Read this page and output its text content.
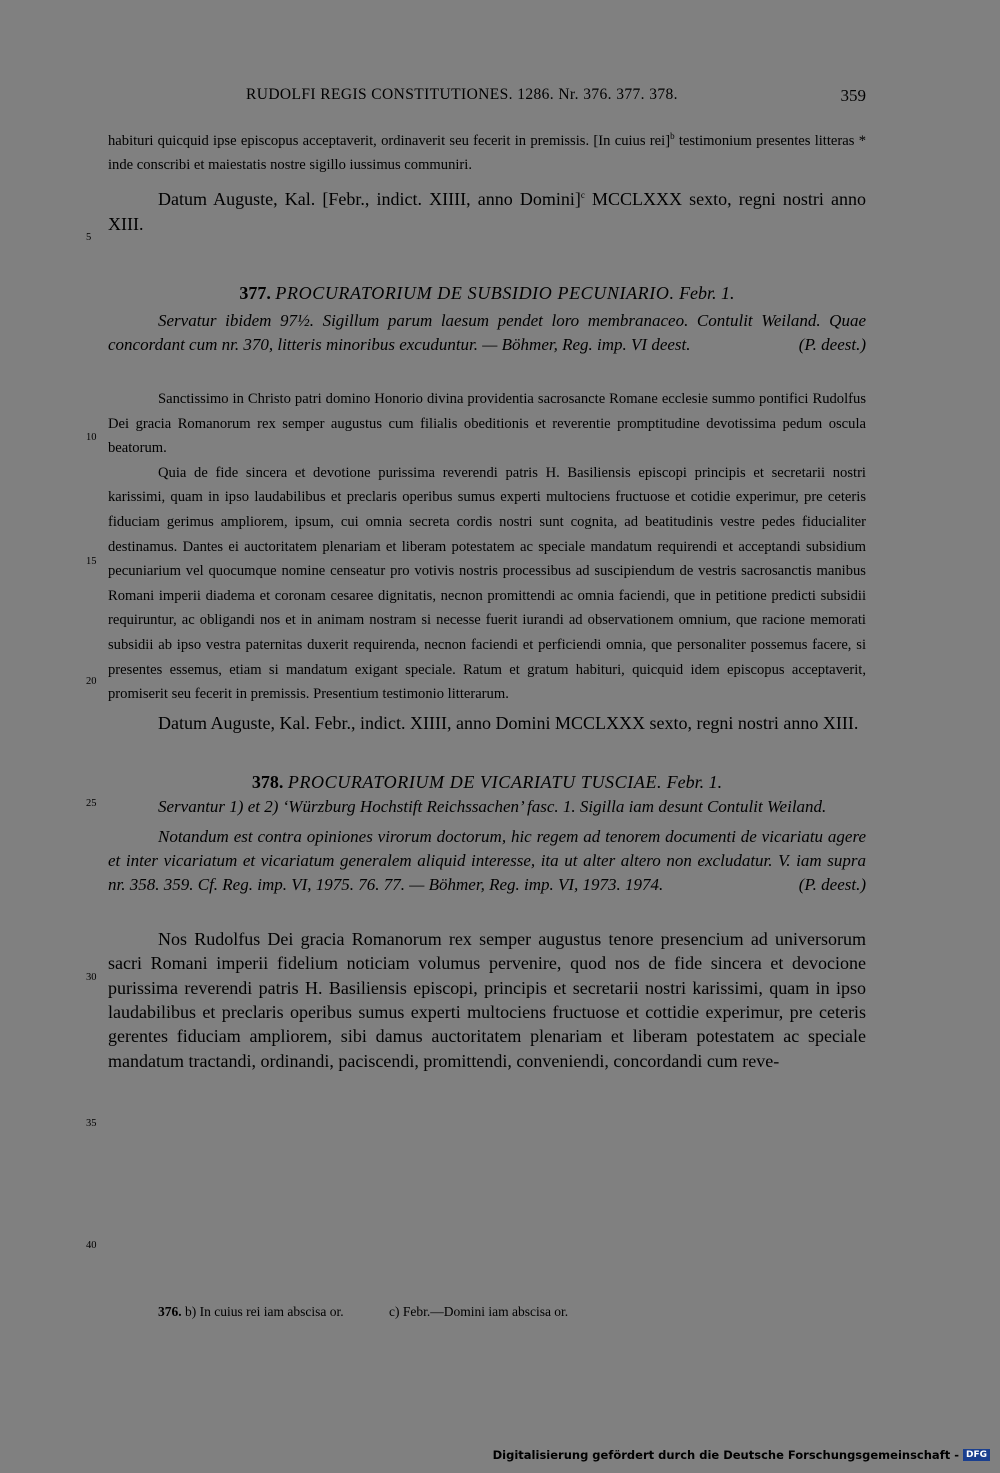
RUDOLFI REGIS CONSTITUTIONES. 1286. Nr. 376. 377. 378.	359
5
10
15
20
25
30
35
40

habituri quicquid ipse episcopus acceptaverit, ordinaverit seu fecerit in premissis. [In cuius rei]$^b$ testimonium presentes litteras * inde conscribi et maiestatis nostre sigillo iussimus communiri.

Datum Auguste, Kal. [Febr., indict. XIIII, anno Domini]$^c$ MCCLXXX sexto, regni nostri anno XIII.

377. PROCURATORIUM DE SUBSIDIO PECUNIARIO. Febr. 1.

Servatur ibidem 97½. Sigillum parum laesum pendet loro membranaceo. Contulit Weiland. Quae concordant cum nr. 370, litteris minoribus excuduntur. — Böhmer, Reg. imp. VI deest.	(P. deest.)

Sanctissimo in Christo patri domino Honorio divina providentia sacrosancte Romane ecclesie summo pontifici Rudolfus Dei gracia Romanorum rex semper augustus cum filialis obeditionis et reverentie promptitudine devotissima pedum oscula beatorum.

Quia de fide sincera et devotione purissima reverendi patris H. Basiliensis episcopi principis et secretarii nostri karissimi, quam in ipso laudabilibus et preclaris operibus sumus experti multociens fructuose et cotidie experimur, pre ceteris fiduciam gerimus ampliorem, ipsum, cui omnia secreta cordis nostri sunt cognita, ad beatitudinis vestre pedes fiducialiter destinamus. Dantes ei auctoritatem plenariam et liberam potestatem ac speciale mandatum requirendi et acceptandi subsidium pecuniarium vel quocumque nomine censeatur pro votivis nostris processibus ad suscipiendum de vestris sacrosanctis manibus Romani imperii diadema et coronam cesaree dignitatis, necnon promittendi ac omnia faciendi, que in petitione predicti subsidii requiruntur, ac obligandi nos et in animam nostram si necesse fuerit iurandi ad observationem omnium, que racione memorati subsidii ab ipso vestra paternitas duxerit requirenda, necnon faciendi et perficiendi omnia, que personaliter possemus facere, si presentes essemus, etiam si mandatum exigant speciale. Ratum et gratum habituri, quicquid idem episcopus acceptaverit, promiserit seu fecerit in premissis. Presentium testimonio litterarum.

Datum Auguste, Kal. Febr., indict. XIIII, anno Domini MCCLXXX sexto, regni nostri anno XIII.

378. PROCURATORIUM DE VICARIATU TUSCIAE. Febr. 1.

Servantur 1) et 2) ‘Würzburg Hochstift Reichssachen’ fasc. 1. Sigilla iam desunt Contulit Weiland.

Notandum est contra opiniones virorum doctorum, hic regem ad tenorem documenti de vicariatu agere et inter vicariatum et vicariatum generalem aliquid interesse, ita ut alter altero non excludatur. V. iam supra nr. 358. 359. Cf. Reg. imp. VI, 1975. 76. 77. — Böhmer, Reg. imp. VI, 1973. 1974.	(P. deest.)

Nos Rudolfus Dei gracia Romanorum rex semper augustus tenore presencium ad universorum sacri Romani imperii fidelium noticiam volumus pervenire, quod nos de fide sincera et devocione purissima reverendi patris H. Basiliensis episcopi, principis et secretarii nostri karissimi, quam in ipso laudabilibus et preclaris operibus sumus experti multociens fructuose et cottidie experimur, pre ceteris gerentes fiduciam ampliorem, sibi damus auctoritatem plenariam et liberam potestatem ac speciale mandatum tractandi, ordinandi, paciscendi, promittendi, conveniendi, concordandi cum reve-

376. b) In cuius rei iam abscisa or.	c) Febr.—Domini iam abscisa or.
Digitalisierung gefördert durch die Deutsche Forschungsgemeinschaft - DFG
